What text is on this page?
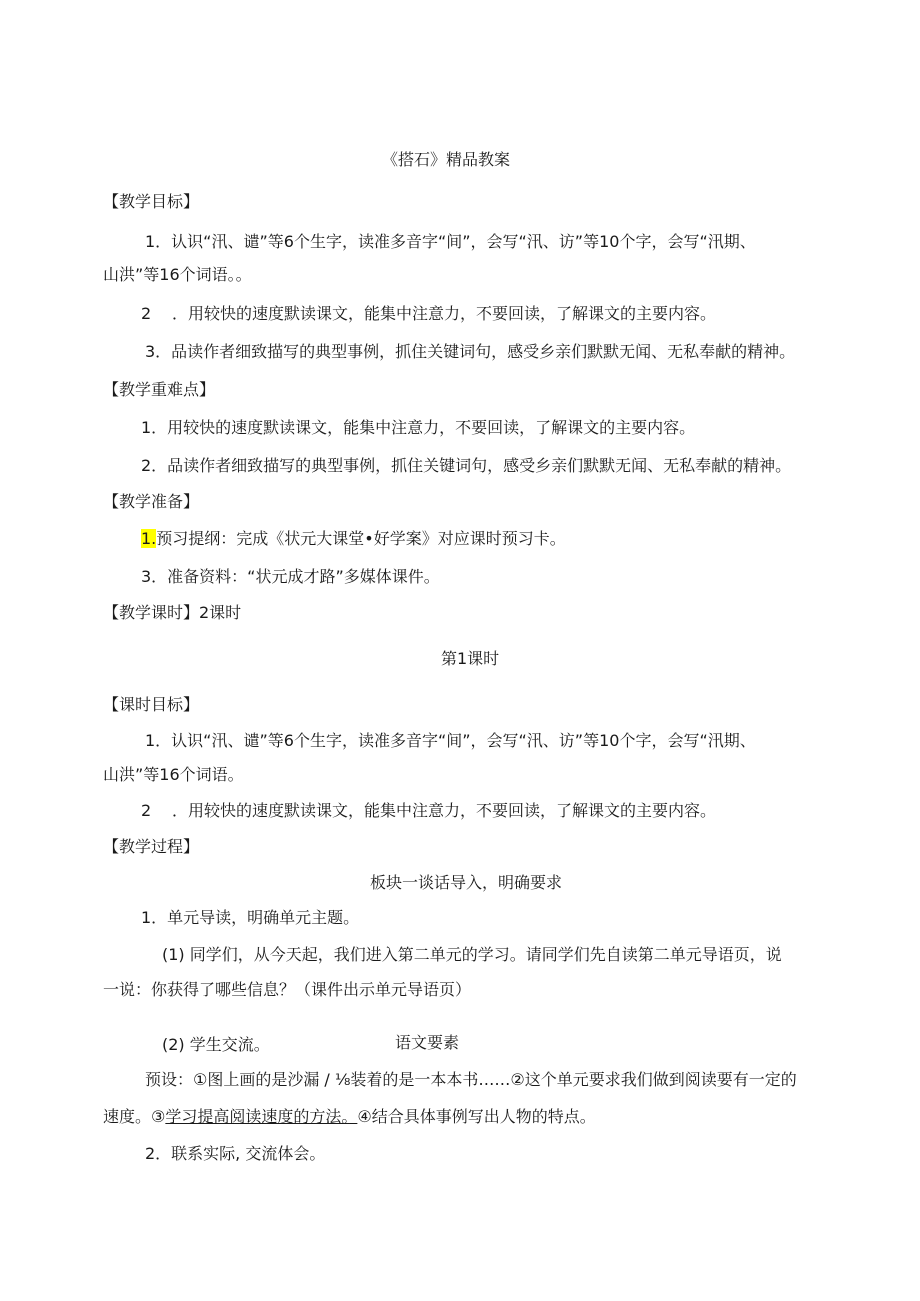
《搭石》精品教案
【教学目标】
1．认识“汛、谴”等6个生字，读准多音字“间”，会写“汛、访”等10个字，会写“汛期、
山洪”等16个词语。。
2 ．用较快的速度默读课文，能集中注意力，不要回读，了解课文的主要内容。
3．品读作者细致描写的典型事例，抓住关键词句，感受乡亲们默默无闻、无私奉献的精神。
【教学重难点】
1．用较快的速度默读课文，能集中注意力，不要回读，了解课文的主要内容。
2．品读作者细致描写的典型事例，抓住关键词句，感受乡亲们默默无闻、无私奉献的精神。
【教学准备】
1.预习提纲：完成《状元大课堂•好学案》对应课时预习卡。
3．准备资料：“状元成才路”多媒体课件。
【教学课时】2课时
第1课时
【课时目标】
1．认识“汛、谴”等6个生字，读准多音字“间”，会写“汛、访”等10个字，会写“汛期、
山洪”等16个词语。
2 ．用较快的速度默读课文，能集中注意力，不要回读，了解课文的主要内容。
【教学过程】
板块一谈话导入，明确要求
1．单元导读，明确单元主题。
(1) 同学们，从今天起，我们进入第二单元的学习。请同学们先自读第二单元导语页，说
一说：你获得了哪些信息？（课件出示单元导语页）
(2) 学生交流。	语文要素
预设：①图上画的是沙漏 / ⅛装着的是一本本书……②这个单元要求我们做到阅读要有一定的
速度。③学习提高阅读速度的方法。④结合具体事例写出人物的特点。
2．联系实际, 交流体会。
